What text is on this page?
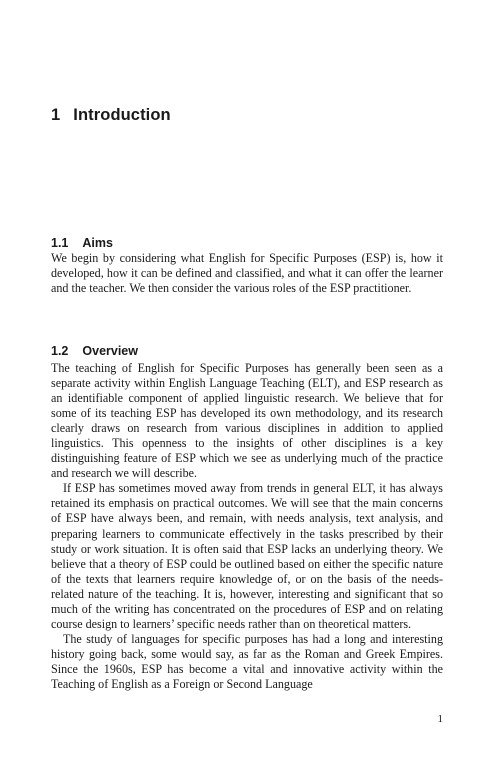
1 Introduction
1.1 Aims

We begin by considering what English for Specific Purposes (ESP) is, how it developed, how it can be defined and classified, and what it can offer the learner and the teacher. We then consider the various roles of the ESP practitioner.

1.2 Overview

The teaching of English for Specific Purposes has generally been seen as a separate activity within English Language Teaching (ELT), and ESP research as an identifiable component of applied linguistic research. We believe that for some of its teaching ESP has developed its own methodology, and its research clearly draws on research from various disciplines in addition to applied linguistics. This openness to the insights of other disciplines is a key distinguishing feature of ESP which we see as underlying much of the practice and research we will describe.

If ESP has sometimes moved away from trends in general ELT, it has always retained its emphasis on practical outcomes. We will see that the main concerns of ESP have always been, and remain, with needs analysis, text analysis, and preparing learners to communicate effectively in the tasks prescribed by their study or work situation. It is often said that ESP lacks an underlying theory. We believe that a theory of ESP could be outlined based on either the specific nature of the texts that learners require knowledge of, or on the basis of the needs-related nature of the teaching. It is, however, interesting and significant that so much of the writing has concentrated on the procedures of ESP and on relating course design to learners’ specific needs rather than on theoretical matters.

The study of languages for specific purposes has had a long and interesting history going back, some would say, as far as the Roman and Greek Empires. Since the 1960s, ESP has become a vital and innovative activity within the Teaching of English as a Foreign or Second Language

1
